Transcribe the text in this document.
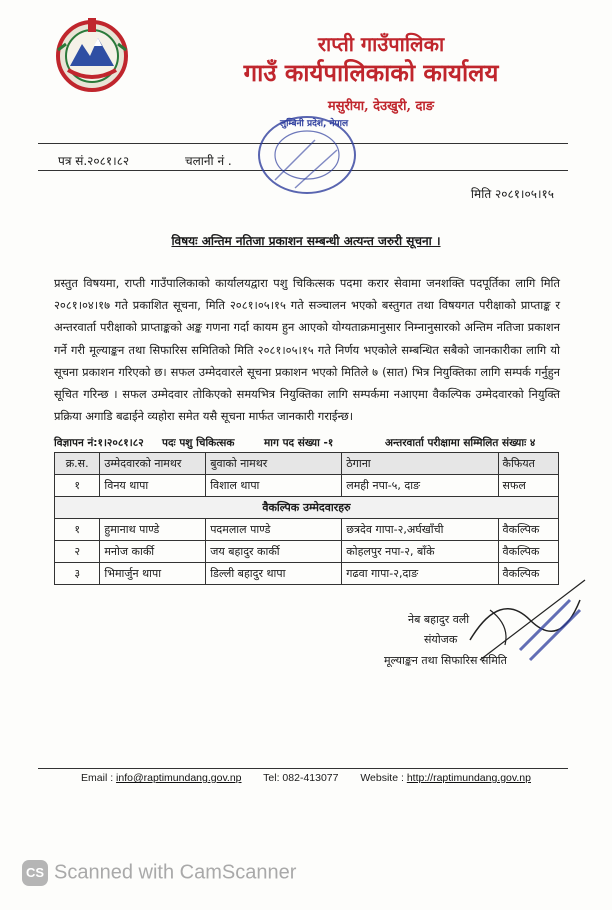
राप्ती गाउँपालिका
गाउँ कार्यपालिकाको कार्यालय
मसुरीया, देउखुरी, दाङ
लुम्बिनी प्रदेश, नेपाल
पत्र सं.२०८१।८२	चलानी नं .
मिति २०८१।०५।१५
विषयः अन्तिम नतिजा प्रकाशन सम्बन्धी अत्यन्त जरुरी सूचना ।
प्रस्तुत विषयमा, राप्ती गाउँपालिकाको कार्यालयद्वारा पशु चिकित्सक पदमा करार सेवामा जनशक्ति पदपूर्तिका लागि मिति २०८१।०४।१७ गते प्रकाशित सूचना, मिति २०८१।०५।१५ गते सञ्चालन भएको बस्तुगत तथा विषयगत परीक्षाको प्राप्ताङ्क र अन्तरवार्ता परीक्षाको प्राप्ताङ्कको अङ्क गणना गर्दा कायम हुन आएको योग्यताक्रमानुसार निम्नानुसारको अन्तिम नतिजा प्रकाशन गर्ने गरी मूल्याङ्कन तथा सिफारिस समितिको मिति २०८१।०५।१५ गते निर्णय भएकोले सम्बन्धित सबैको जानकारीका लागि यो सूचना प्रकाशन गरिएको छ। सफल उम्मेदवारले सूचना प्रकाशन भएको मितिले ७ (सात) भित्र नियुक्तिका लागि सम्पर्क गर्नुहुन सूचित गरिन्छ । सफल उम्मेदवार तोकिएको समयभित्र नियुक्तिका लागि सम्पर्कमा नआएमा वैकल्पिक उम्मेदवारको नियुक्ति प्रक्रिया अगाडि बढाईने व्यहोरा समेत यसै सूचना मार्फत जानकारी गराईन्छ।
विज्ञापन नं:१।२०८१।८२ पदः पशु चिकित्सक	माग पद संख्या -१	अन्तरवार्ता परीक्षामा सम्मिलित संख्याः ४
क्र.स.	उम्मेदवारको नामथर	बुवाको नामथर	ठेगाना	कैफियत
१	विनय थापा	विशाल थापा	लमही नपा-५, दाङ	सफल
वैकल्पिक उम्मेदवारहरु				
१	हुमानाथ पाण्डे	पदमलाल पाण्डे	छत्रदेव गापा-२,अर्घखाँची	वैकल्पिक
२	मनोज कार्की	जय बहादुर कार्की	कोहलपुर नपा-२, बाँके	वैकल्पिक
३	भिमार्जुन थापा	डिल्ली बहादुर थापा	गढवा गापा-२,दाङ	वैकल्पिक
नेब बहादुर वली
संयोजक
मूल्याङ्कन तथा सिफारिस समिति
Email : info@raptimundang.gov.np Tel: 082-413077 Website : http://raptimundang.gov.np
CS Scanned with CamScanner
